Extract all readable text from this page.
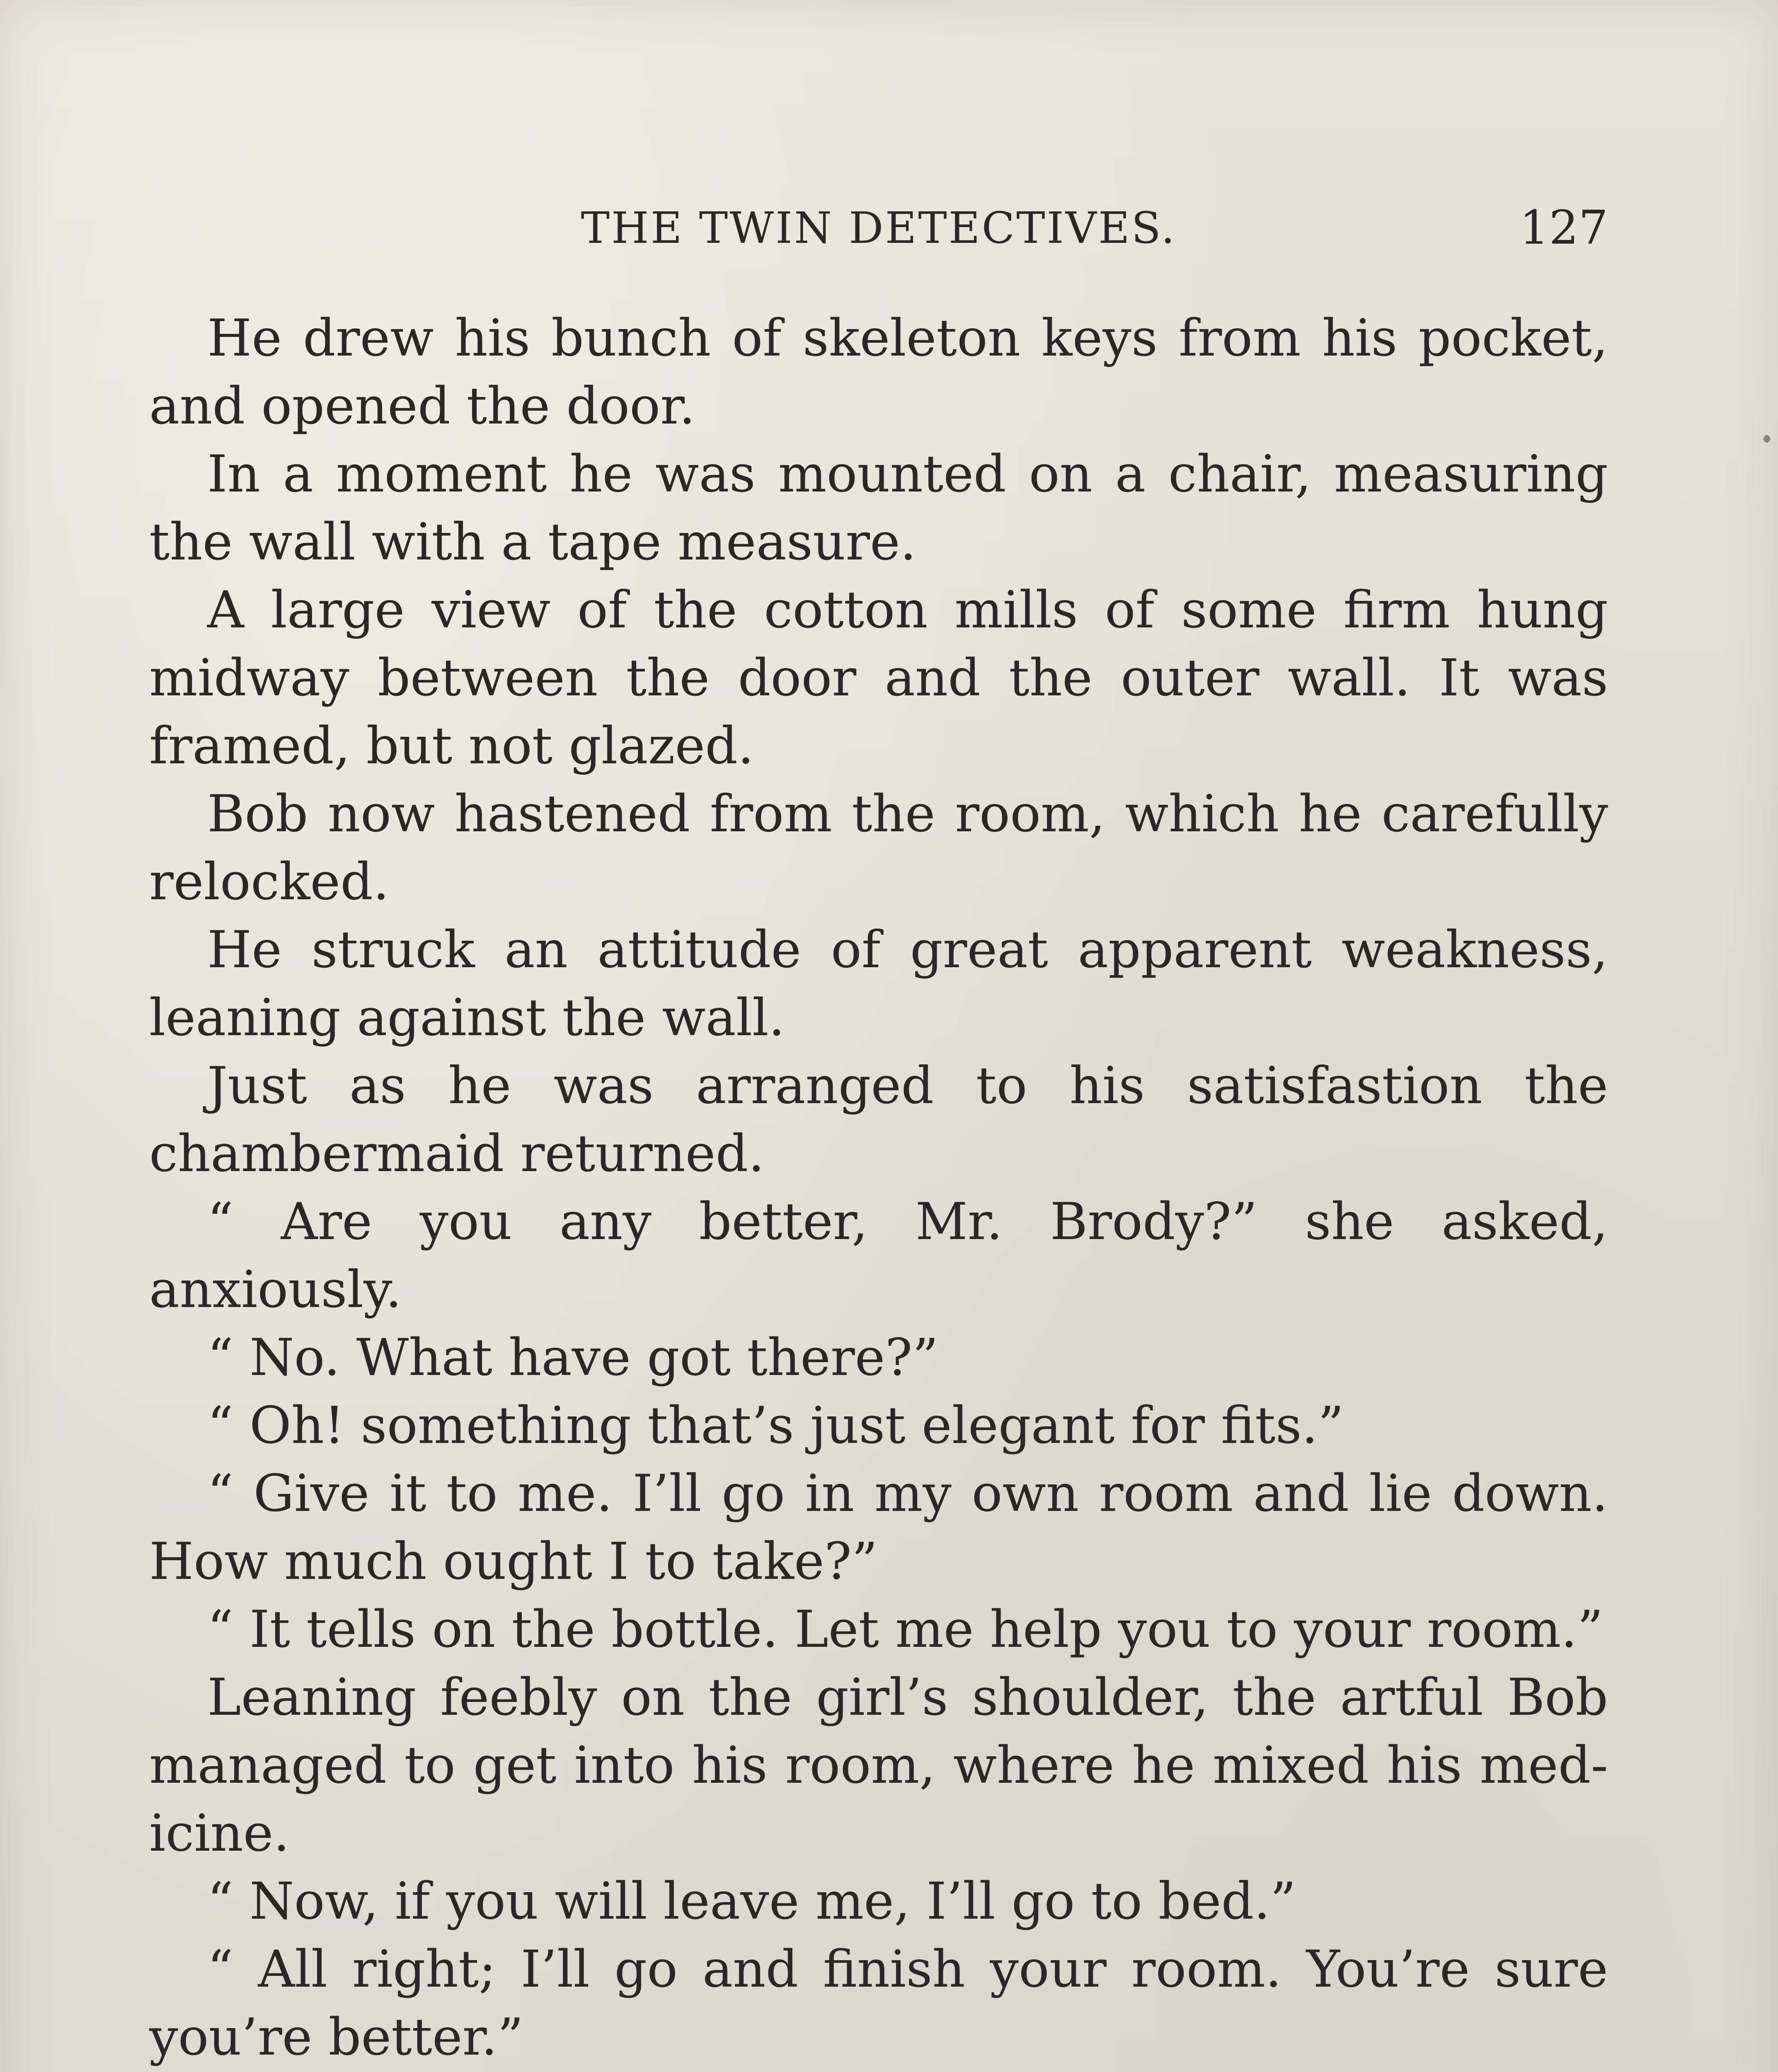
THE TWIN DETECTIVES.	127

He drew his bunch of skeleton keys from his pocket, and opened the door.

In a moment he was mounted on a chair, measuring the wall with a tape measure.

A large view of the cotton mills of some firm hung midway between the door and the outer wall. It was framed, but not glazed.

Bob now hastened from the room, which he carefully relocked.

He struck an attitude of great apparent weakness, leaning against the wall.

Just as he was arranged to his satisfastion the chambermaid returned.

“ Are you any better, Mr. Brody?” she asked, anxiously.

“ No. What have got there?”

“ Oh! something that’s just elegant for fits.”

“ Give it to me. I’ll go in my own room and lie down. How much ought I to take?”

“ It tells on the bottle. Let me help you to your room.”

Leaning feebly on the girl’s shoulder, the artful Bob managed to get into his room, where he mixed his medicine.

“ Now, if you will leave me, I’ll go to bed.”

“ All right; I’ll go and finish your room. You’re sure you’re better.”
